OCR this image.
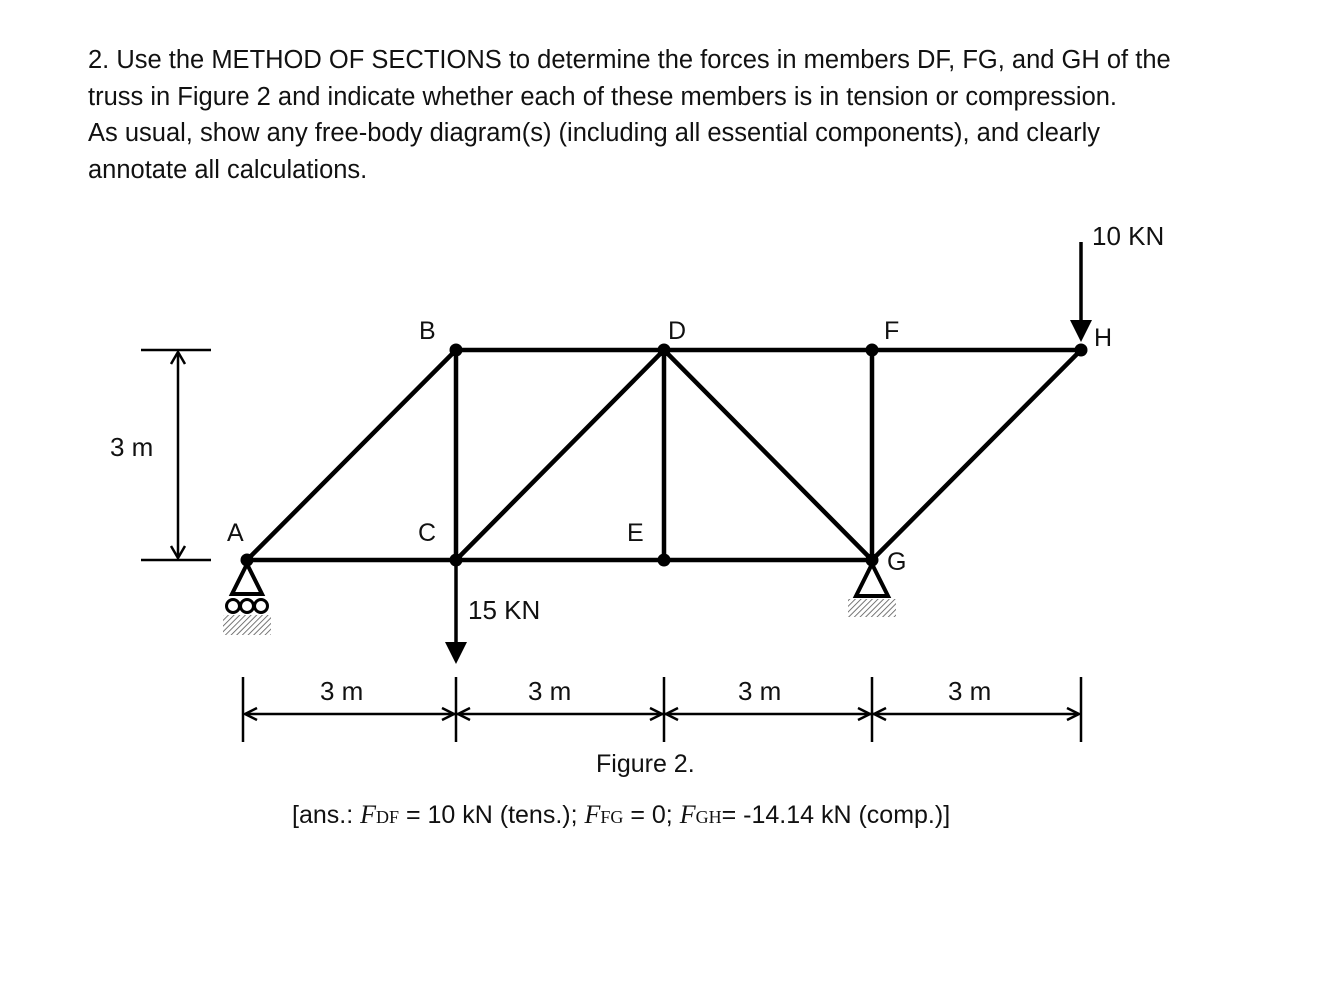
2. Use the METHOD OF SECTIONS to determine the forces in members DF, FG, and GH of the
truss in Figure 2 and indicate whether each of these members is in tension or compression.
As usual, show any free-body diagram(s) (including all essential components), and clearly
annotate all calculations.
A
B
C
D
E
F
G
H
3 m
3 m	3 m	3 m	3 m
15 KN
10 KN
Figure 2.
[ans.: FDF = 10 kN (tens.); FFG = 0; FGH= -14.14 kN (comp.)]
